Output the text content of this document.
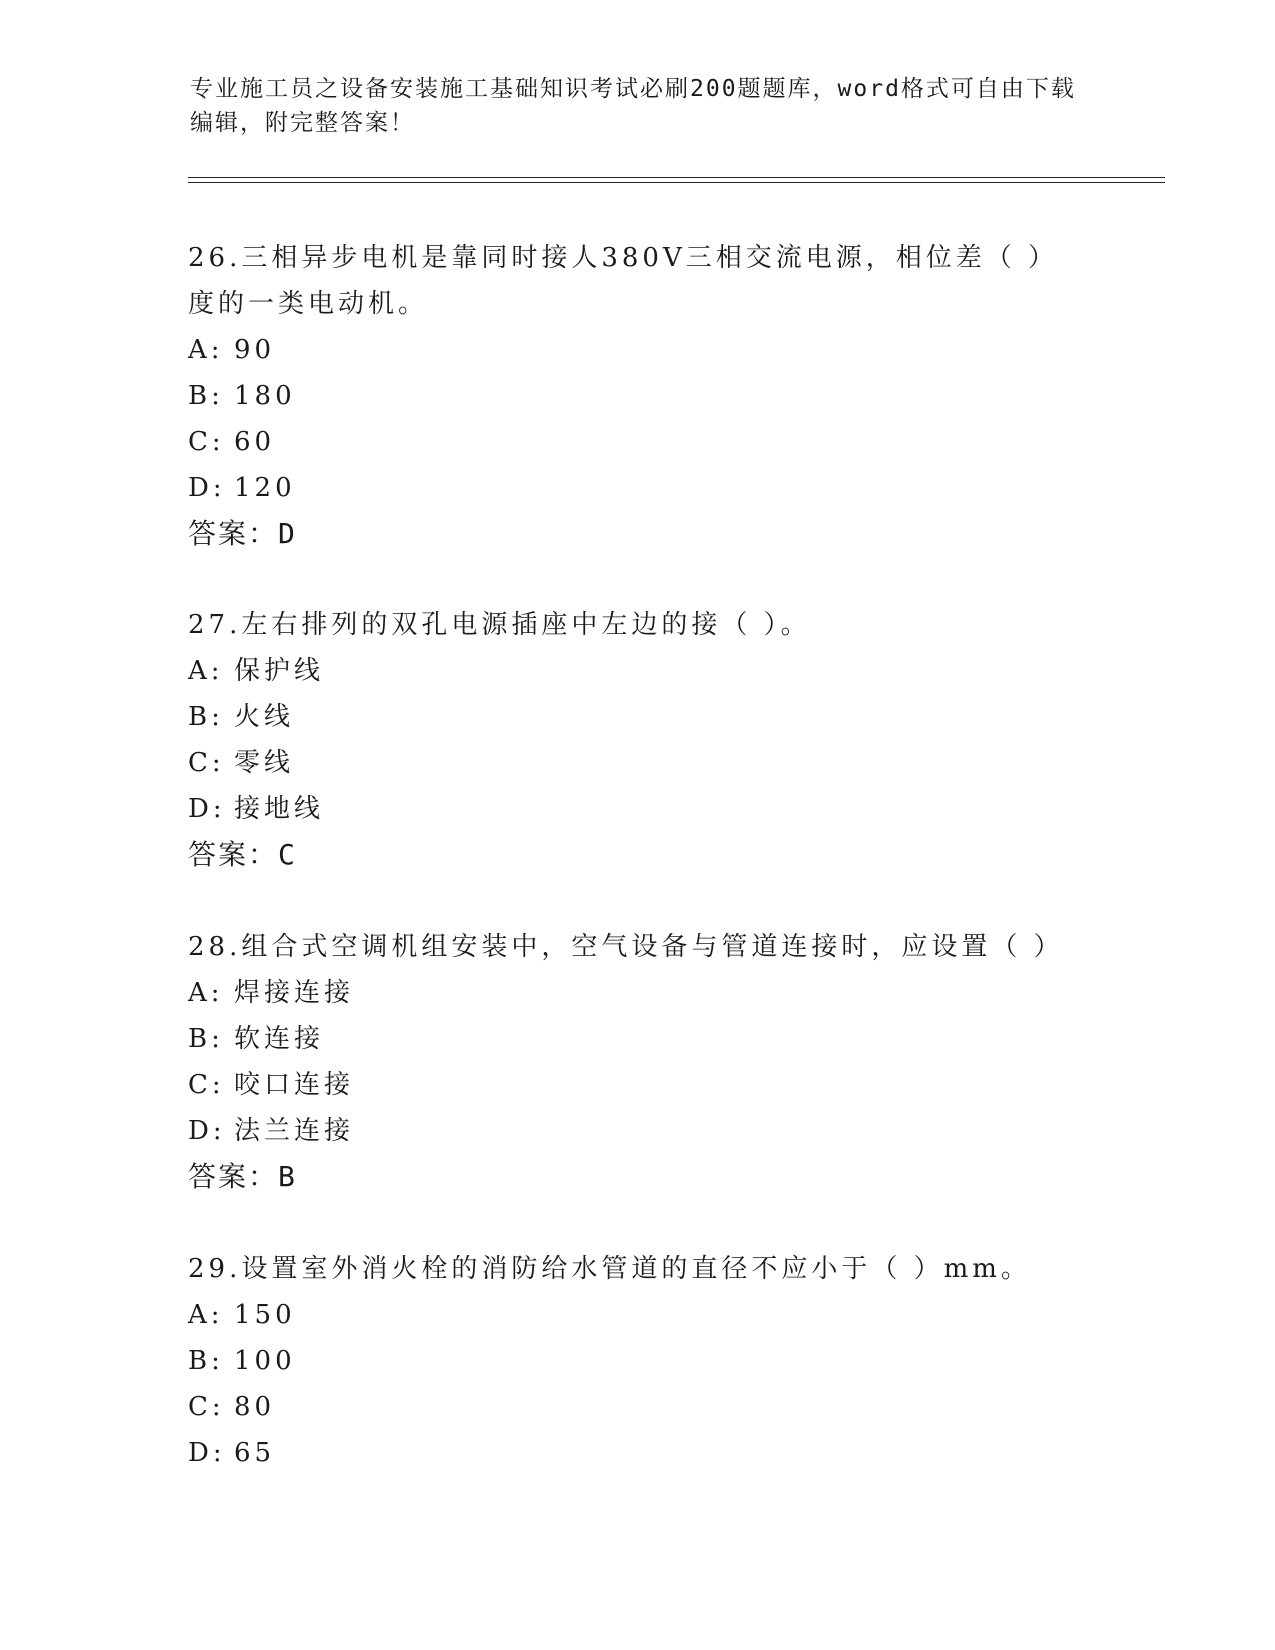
专业施工员之设备安装施工基础知识考试必刷200题题库，word格式可自由下载
编辑，附完整答案！

26.三相异步电机是靠同时接人380V三相交流电源，相位差（ ）度的一类电动机。

A: 90

B: 180

C: 60

D: 120

答案：D

27.左右排列的双孔电源插座中左边的接（ ）。

A: 保护线

B: 火线

C: 零线

D: 接地线

答案：C

28.组合式空调机组安装中，空气设备与管道连接时，应设置（ ）

A: 焊接连接

B: 软连接

C: 咬口连接

D: 法兰连接

答案：B

29.设置室外消火栓的消防给水管道的直径不应小于（ ）mm。

A: 150

B: 100

C: 80

D: 65
